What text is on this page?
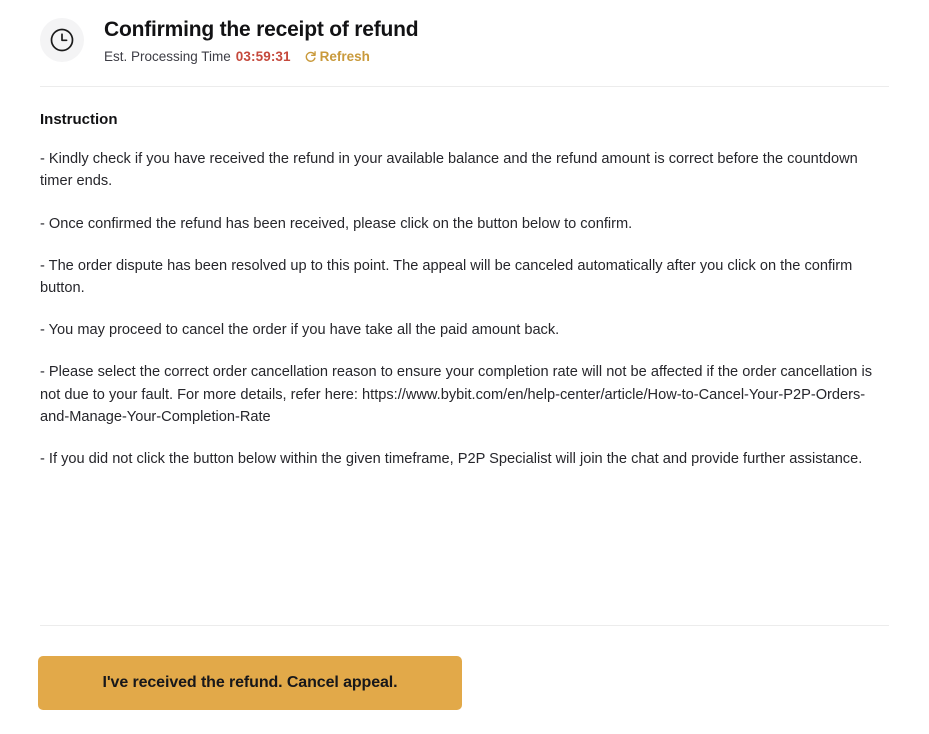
Confirming the receipt of refund
Est. Processing Time 03:59:31 Refresh
Instruction

- Kindly check if you have received the refund in your available balance and the refund amount is correct before the countdown timer ends.

- Once confirmed the refund has been received, please click on the button below to confirm.

- The order dispute has been resolved up to this point. The appeal will be canceled automatically after you click on the confirm button.

- You may proceed to cancel the order if you have take all the paid amount back.

- Please select the correct order cancellation reason to ensure your completion rate will not be affected if the order cancellation is not due to your fault. For more details, refer here: https://www.bybit.com/en/help-center/article/How-to-Cancel-Your-P2P-Orders-and-Manage-Your-Completion-Rate

- If you did not click the button below within the given timeframe, P2P Specialist will join the chat and provide further assistance.

I've received the refund. Cancel appeal.
